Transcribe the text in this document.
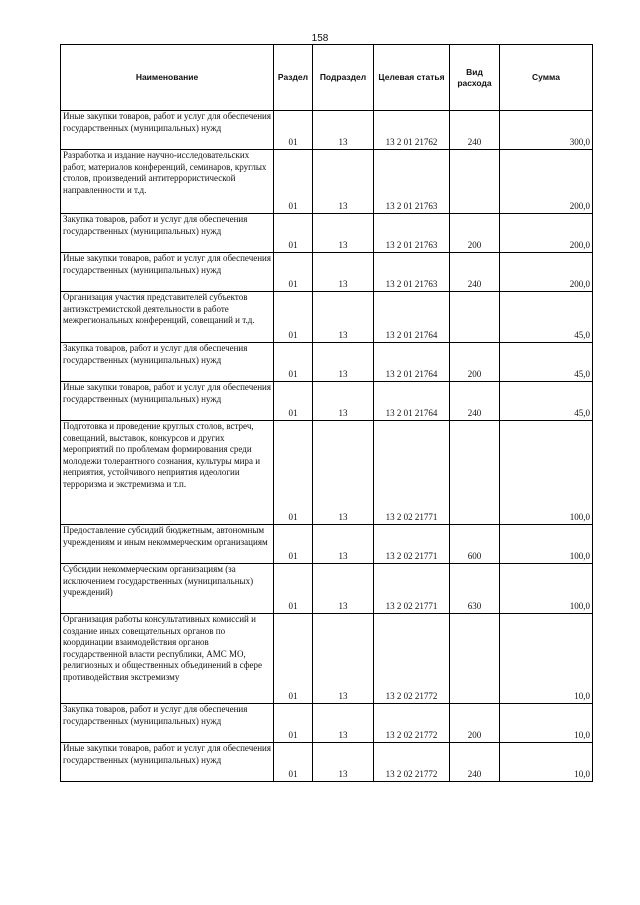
158
Наименование	Раздел	Подраздел	Целевая статья	Вид расхода	Сумма
Иные закупки товаров, работ и услуг для обеспечения государственных (муниципальных) нужд	01	13	13 2 01 21762	240	300,0
Разработка и издание научно-исследовательских работ, материалов конференций, семинаров, круглых столов, произведений антитеррористической направленности и т.д.	01	13	13 2 01 21763		200,0
Закупка товаров, работ и услуг для обеспечения государственных (муниципальных) нужд	01	13	13 2 01 21763	200	200,0
Иные закупки товаров, работ и услуг для обеспечения государственных (муниципальных) нужд	01	13	13 2 01 21763	240	200,0
Организация участия представителей субъектов антиэкстремистской деятельности в работе межрегиональных конференций, совещаний и т.д.	01	13	13 2 01 21764		45,0
Закупка товаров, работ и услуг для обеспечения государственных (муниципальных) нужд	01	13	13 2 01 21764	200	45,0
Иные закупки товаров, работ и услуг для обеспечения государственных (муниципальных) нужд	01	13	13 2 01 21764	240	45,0
Подготовка и проведение круглых столов, встреч, совещаний, выставок, конкурсов и других мероприятий по проблемам формирования среди молодежи толерантного сознания, культуры мира и неприятия, устойчивого неприятия идеологии терроризма и экстремизма и т.п.	01	13	13 2 02 21771		100,0
Предоставление субсидий бюджетным, автономным учреждениям и иным некоммерческим организациям	01	13	13 2 02 21771	600	100,0
Субсидии некоммерческим организациям (за исключением государственных (муниципальных) учреждений)	01	13	13 2 02 21771	630	100,0
Организация работы консультативных комиссий и создание иных совещательных органов по координации взаимодействия органов государственной власти республики, АМС МО, религиозных и общественных объединений в сфере противодействия экстремизму	01	13	13 2 02 21772		10,0
Закупка товаров, работ и услуг для обеспечения государственных (муниципальных) нужд	01	13	13 2 02 21772	200	10,0
Иные закупки товаров, работ и услуг для обеспечения государственных (муниципальных) нужд	01	13	13 2 02 21772	240	10,0
